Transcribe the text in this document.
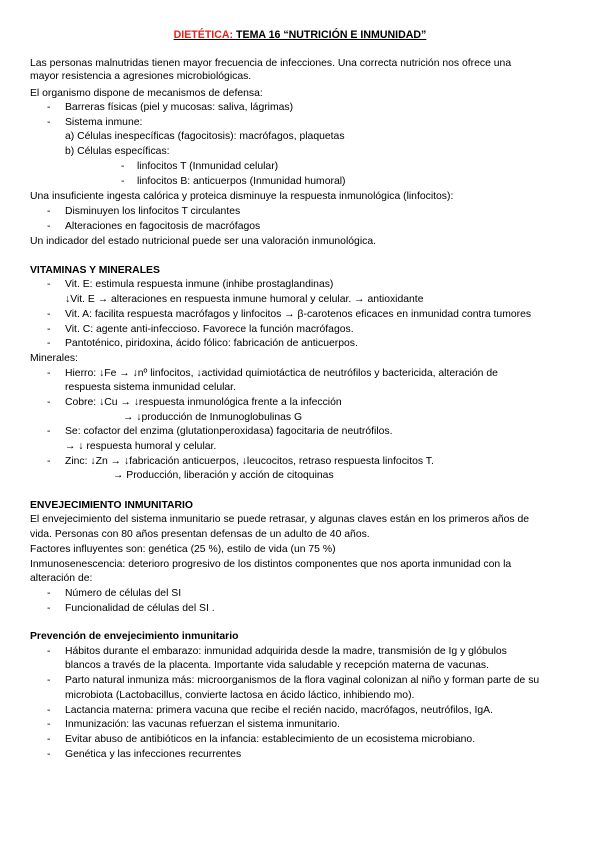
DIETÉTICA: TEMA 16 “NUTRICIÓN E INMUNIDAD”
Las personas malnutridas tienen mayor frecuencia de infecciones. Una correcta nutrición nos ofrece una
mayor resistencia a agresiones microbiológicas.
El organismo dispone de mecanismos de defensa:
- Barreras físicas (piel y mucosas: saliva, lágrimas)
- Sistema inmune:
a) Células inespecíficas (fagocitosis): macrófagos, plaquetas
b) Células específicas:
- linfocitos T (Inmunidad celular)
- linfocitos B: anticuerpos (Inmunidad humoral)
Una insuficiente ingesta calórica y proteica disminuye la respuesta inmunológica (linfocitos):
- Disminuyen los linfocitos T circulantes
- Alteraciones en fagocitosis de macrófagos
Un indicador del estado nutricional puede ser una valoración inmunológica.
VITAMINAS Y MINERALES
- Vit. E: estimula respuesta inmune (inhibe prostaglandinas)
↓Vit. E → alteraciones en respuesta inmune humoral y celular. → antioxidante
- Vit. A: facilita respuesta macrófagos y linfocitos → β-carotenos eficaces en inmunidad contra tumores
- Vit. C: agente anti-infeccioso. Favorece la función macrófagos.
- Pantoténico, piridoxina, ácido fólico: fabricación de anticuerpos.
Minerales:
- Hierro: ↓Fe → ↓nº linfocitos, ↓actividad quimiotáctica de neutrófilos y bactericida, alteración de
respuesta sistema inmunidad celular.
- Cobre: ↓Cu → ↓respuesta inmunológica frente a la infección
→ ↓producción de Inmunoglobulinas G
- Se: cofactor del enzima (glutationperoxidasa) fagocitaria de neutrófilos.
→ ↓ respuesta humoral y celular.
- Zinc: ↓Zn → ↓fabricación anticuerpos, ↓leucocitos, retraso respuesta linfocitos T.
→ Producción, liberación y acción de citoquinas
ENVEJECIMIENTO INMUNITARIO
El envejecimiento del sistema inmunitario se puede retrasar, y algunas claves están en los primeros años de
vida. Personas con 80 años presentan defensas de un adulto de 40 años.
Factores influyentes son: genética (25 %), estilo de vida (un 75 %)
Inmunosenescencia: deterioro progresivo de los distintos componentes que nos aporta inmunidad con la
alteración de:
- Número de células del SI
- Funcionalidad de células del SI .
Prevención de envejecimiento inmunitario
- Hábitos durante el embarazo: inmunidad adquirida desde la madre, transmisión de Ig y glóbulos
blancos a través de la placenta. Importante vida saludable y recepción materna de vacunas.
- Parto natural inmuniza más: microorganismos de la flora vaginal colonizan al niño y forman parte de su
microbiota (Lactobacillus, convierte lactosa en ácido láctico, inhibiendo mo).
- Lactancia materna: primera vacuna que recibe el recién nacido, macrófagos, neutrófilos, IgA.
- Inmunización: las vacunas refuerzan el sistema inmunitario.
- Evitar abuso de antibióticos en la infancia: establecimiento de un ecosistema microbiano.
- Genética y las infecciones recurrentes
